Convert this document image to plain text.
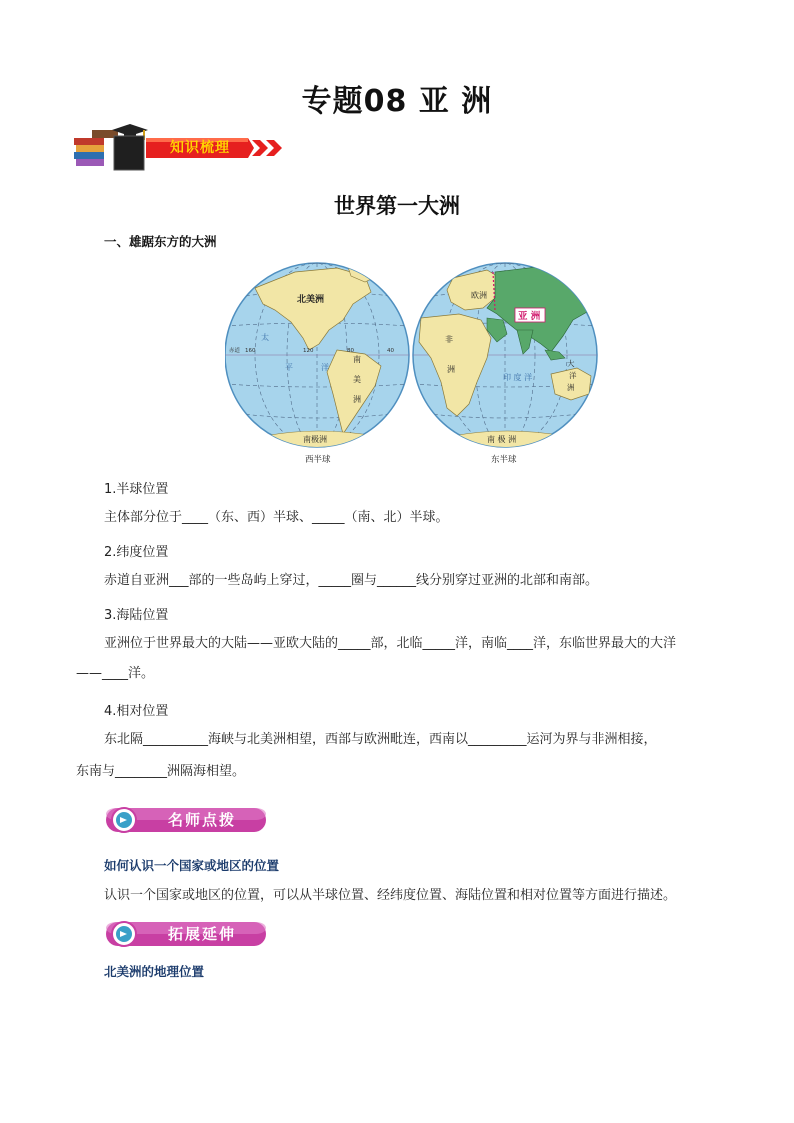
专题08 亚 洲
知识梳理
世界第一大洲
一、雄踞东方的大洲
北美洲
南
美
洲
南极洲
太
平	洋
赤道 160	120	80	40
西半球
欧洲
亚 洲
非
洲
大
洋
洲
印 度 洋
南 极 洲
东半球
1.半球位置
主体部分位于____（东、西）半球、_____（南、北）半球。
2.纬度位置
赤道自亚洲___部的一些岛屿上穿过，_____圈与______线分别穿过亚洲的北部和南部。
3.海陆位置
亚洲位于世界最大的大陆——亚欧大陆的_____部，北临_____洋，南临____洋，东临世界最大的大洋
——____洋。
4.相对位置
东北隔__________海峡与北美洲相望，西部与欧洲毗连，西南以_________运河为界与非洲相接，
东南与________洲隔海相望。
名师点拨
如何认识一个国家或地区的位置
认识一个国家或地区的位置，可以从半球位置、经纬度位置、海陆位置和相对位置等方面进行描述。
拓展延伸
北美洲的地理位置
